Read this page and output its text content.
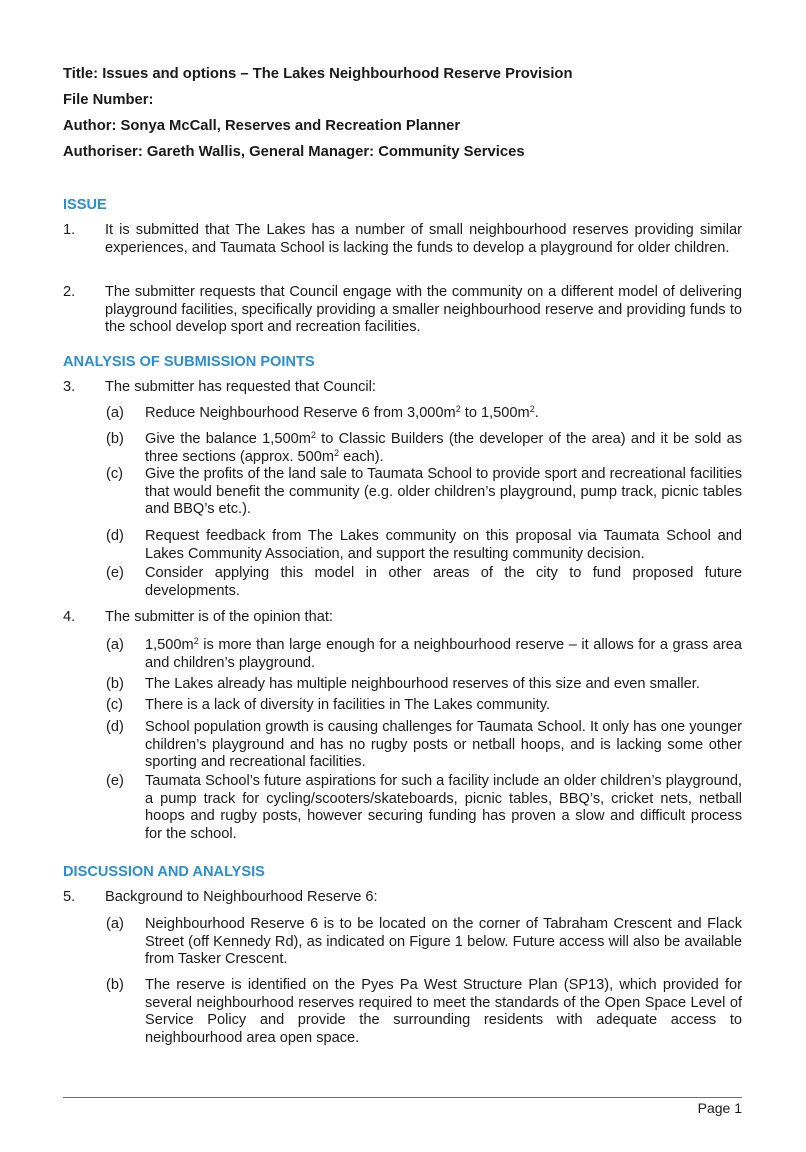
Title: Issues and options – The Lakes Neighbourhood Reserve Provision
File Number:
Author: Sonya McCall, Reserves and Recreation Planner
Authoriser: Gareth Wallis, General Manager: Community Services
ISSUE
1. It is submitted that The Lakes has a number of small neighbourhood reserves providing similar experiences, and Taumata School is lacking the funds to develop a playground for older children.
2. The submitter requests that Council engage with the community on a different model of delivering playground facilities, specifically providing a smaller neighbourhood reserve and providing funds to the school develop sport and recreation facilities.
ANALYSIS OF SUBMISSION POINTS
3. The submitter has requested that Council:
(a) Reduce Neighbourhood Reserve 6 from $3,000m^2$ to $1,500m^2$.
(b) Give the balance $1,500m^2$ to Classic Builders (the developer of the area) and it be sold as three sections (approx. $500m^2$ each).
(c) Give the profits of the land sale to Taumata School to provide sport and recreational facilities that would benefit the community (e.g. older children’s playground, pump track, picnic tables and BBQ’s etc.).
(d) Request feedback from The Lakes community on this proposal via Taumata School and Lakes Community Association, and support the resulting community decision.
(e) Consider applying this model in other areas of the city to fund proposed future developments.
4. The submitter is of the opinion that:
(a) $1,500m^2$ is more than large enough for a neighbourhood reserve – it allows for a grass area and children’s playground.
(b) The Lakes already has multiple neighbourhood reserves of this size and even smaller.
(c) There is a lack of diversity in facilities in The Lakes community.
(d) School population growth is causing challenges for Taumata School. It only has one younger children’s playground and has no rugby posts or netball hoops, and is lacking some other sporting and recreational facilities.
(e) Taumata School’s future aspirations for such a facility include an older children’s playground, a pump track for cycling/scooters/skateboards, picnic tables, BBQ’s, cricket nets, netball hoops and rugby posts, however securing funding has proven a slow and difficult process for the school.
DISCUSSION AND ANALYSIS
5. Background to Neighbourhood Reserve 6:
(a) Neighbourhood Reserve 6 is to be located on the corner of Tabraham Crescent and Flack Street (off Kennedy Rd), as indicated on Figure 1 below. Future access will also be available from Tasker Crescent.
(b) The reserve is identified on the Pyes Pa West Structure Plan (SP13), which provided for several neighbourhood reserves required to meet the standards of the Open Space Level of Service Policy and provide the surrounding residents with adequate access to neighbourhood area open space.
Page 1
